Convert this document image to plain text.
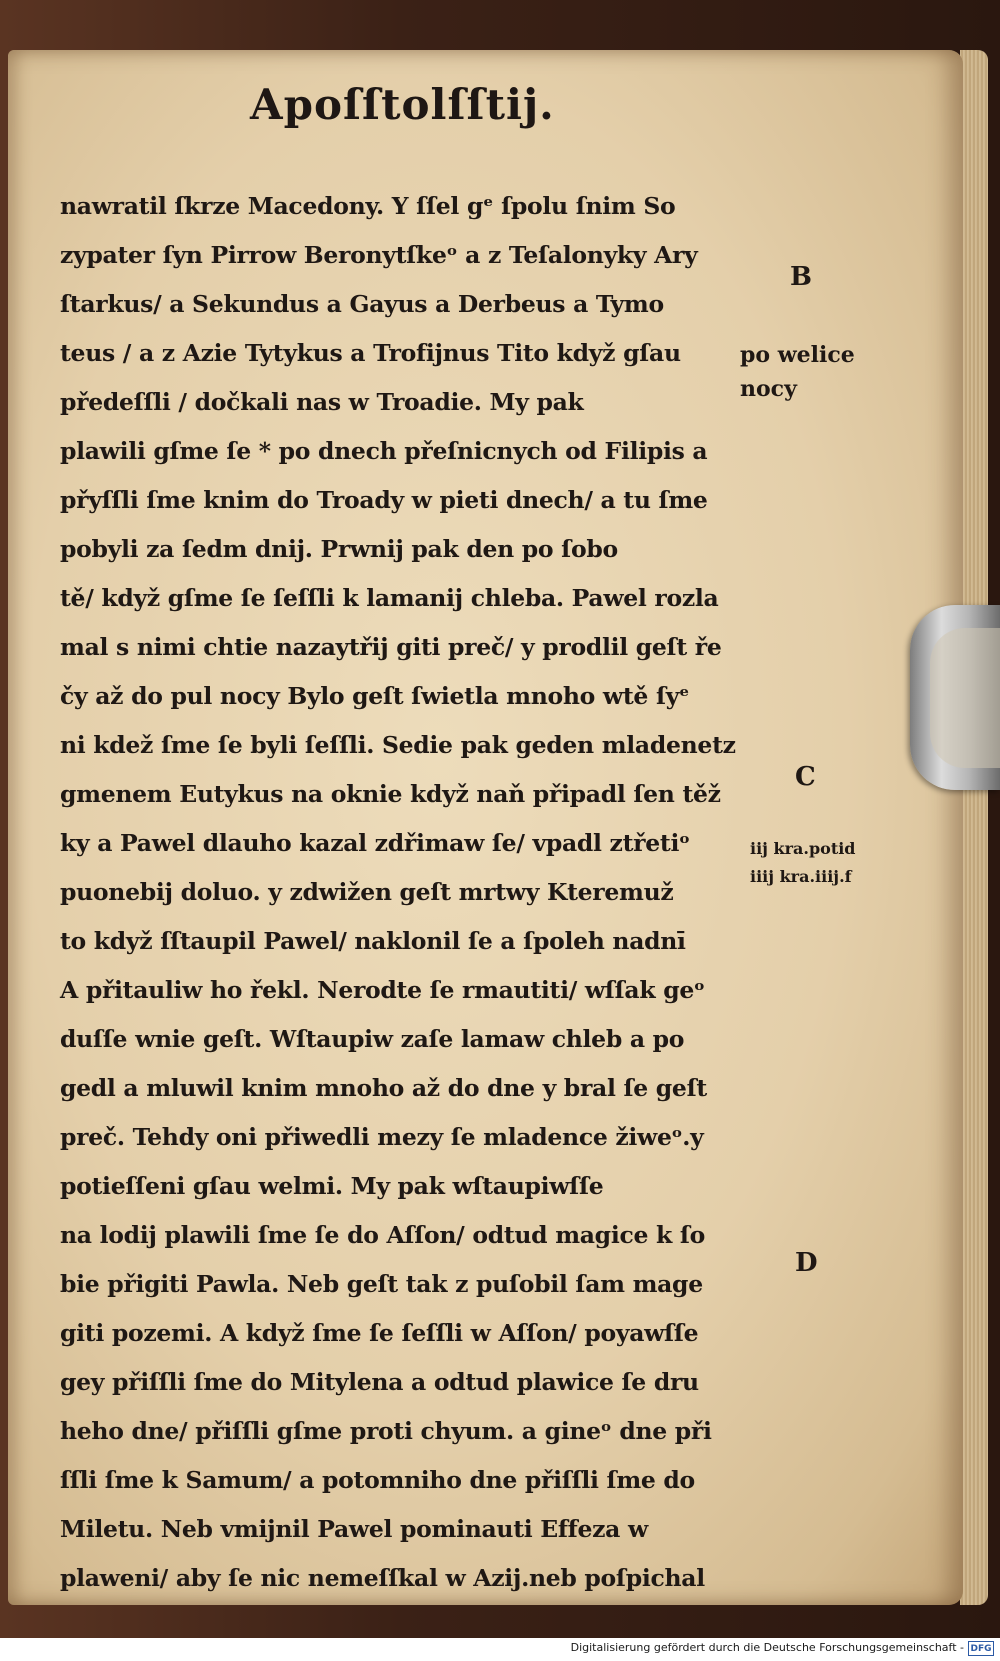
Apoſſtolſſtij.
nawratil ſkrze Macedony. Y ſſel gᵉ ſpolu ſnim So
zypater ſyn Pirrow Beronytſkeᵒ a z Teſalonyky Ary
ſtarkus/ a Sekundus a Gayus a Derbeus a Tymo
teus / a z Azie Tytykus a Trofijnus Tito když gſau
předeſſli / dočkali nas w Troadie. My pak
plawili gſme ſe * po dnech přeſnicnych od Filipis a
přyſſli ſme knim do Troady w pieti dnech/ a tu ſme
pobyli za ſedm dnij. Prwnij pak den po ſobo
tě/ když gſme ſe ſeſſli k lamanij chleba. Pawel rozla
mal s nimi chtie nazaytřij giti preč/ y prodlil geſt ře
čy až do pul nocy Bylo geſt ſwietla mnoho wtě ſyᵉ
ni kdež ſme ſe byli ſeſſli. Sedie pak geden mladenetz
gmenem Eutykus na oknie když naň připadl ſen těž
ky a Pawel dlauho kazal zdřimaw ſe/ vpadl ztřetiᵒ
puonebij doluo. y zdwižen geſt mrtwy Kteremuž
to když ſſtaupil Pawel/ naklonil ſe a ſpoleh nadnī
A přitauliw ho řekl. Nerodte ſe rmautiti/ wſſak geᵒ
duſſe wnie geſt. Wſtaupiw zaſe lamaw chleb a po
gedl a mluwil knim mnoho až do dne y bral ſe geſt
preč. Tehdy oni přiwedli mezy ſe mladence žiweᵒ.y
potieſſeni gſau welmi. My pak wſtaupiwſſe
na lodij plawili ſme ſe do Aſſon/ odtud magice k ſo
bie přigiti Pawla. Neb geſt tak z puſobil ſam mage
giti pozemi. A když ſme ſe ſeſſli w Aſſon/ poyawſſe
gey přiſſli ſme do Mitylena a odtud plawice ſe dru
heho dne/ přiſſli gſme proti chyum. a gineᵒ dne při
ſſli ſme k Samum/ a potomniho dne přiſſli ſme do
Miletu. Neb vmijnil Pawel pominauti Effeza w
plaweni/ aby ſe nic nemeſſkal w Azij.neb poſpichal
B
po welice
nocy
C
iij kra.potid
iiij kra.iiij.f
D
Digitalisierung gefördert durch die Deutsche Forschungsgemeinschaft - DFG
